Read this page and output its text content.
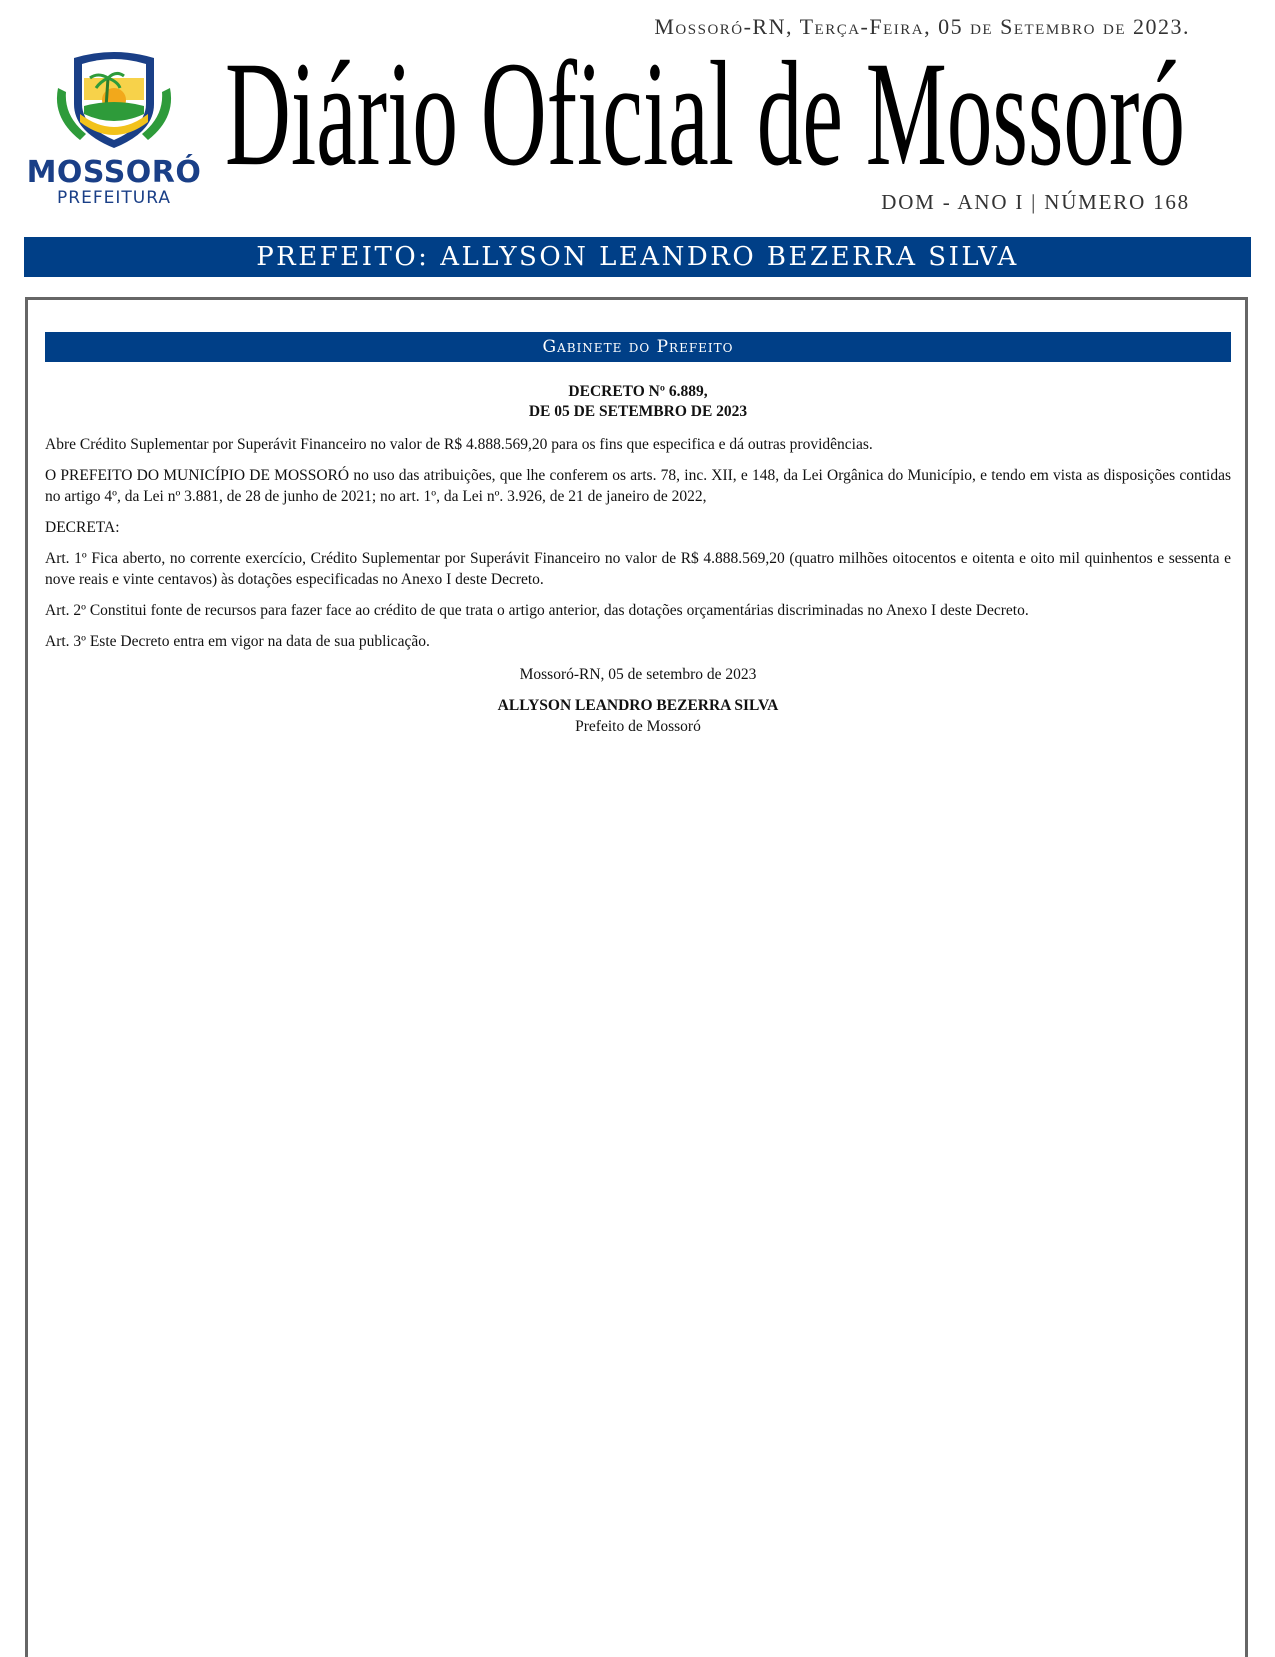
MOSSORÓ
PREFEITURA
Mossoró-RN, Terça-Feira, 05 de Setembro de 2023.
Diário Oficial de Mossoró
DOM - ANO I | NÚMERO 168
PREFEITO: ALLYSON LEANDRO BEZERRA SILVA
Gabinete do Prefeito
DECRETO Nº 6.889,
DE 05 DE SETEMBRO DE 2023

Abre Crédito Suplementar por Superávit Financeiro no valor de R$ 4.888.569,20 para os fins que especifica e dá outras providências.

O PREFEITO DO MUNICÍPIO DE MOSSORÓ no uso das atribuições, que lhe conferem os arts. 78, inc. XII, e 148, da Lei Orgânica do Município, e tendo em vista as disposições contidas no artigo 4º, da Lei nº 3.881, de 28 de junho de 2021; no art. 1º, da Lei nº. 3.926, de 21 de janeiro de 2022,

DECRETA:

Art. 1º Fica aberto, no corrente exercício, Crédito Suplementar por Superávit Financeiro no valor de R$ 4.888.569,20 (quatro milhões oitocentos e oitenta e oito mil quinhentos e sessenta e nove reais e vinte centavos) às dotações especificadas no Anexo I deste Decreto.

Art. 2º Constitui fonte de recursos para fazer face ao crédito de que trata o artigo anterior, das dotações orçamentárias discriminadas no Anexo I deste Decreto.

Art. 3º Este Decreto entra em vigor na data de sua publicação.

Mossoró-RN, 05 de setembro de 2023

ALLYSON LEANDRO BEZERRA SILVA
Prefeito de Mossoró
